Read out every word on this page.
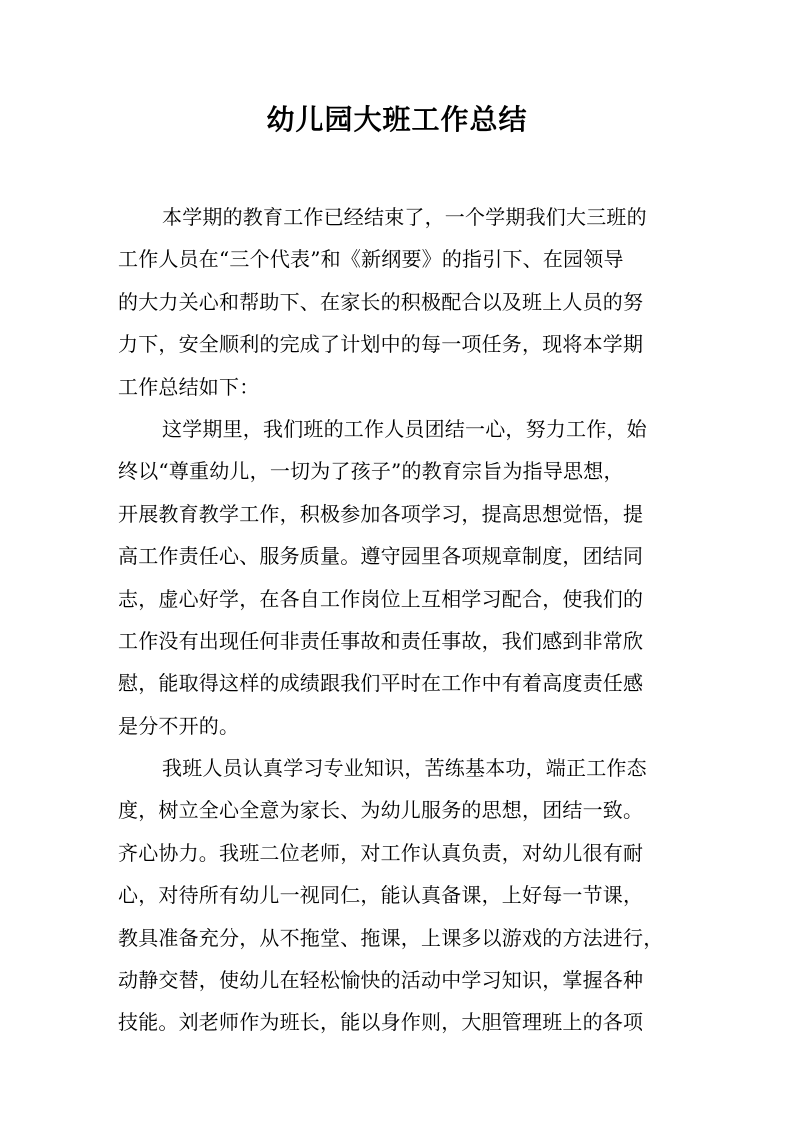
幼儿园大班工作总结
本学期的教育工作已经结束了，一个学期我们大三班的
工作人员在“三个代表”和《新纲要》的指引下、在园领导
的大力关心和帮助下、在家长的积极配合以及班上人员的努
力下，安全顺利的完成了计划中的每一项任务，现将本学期
工作总结如下：
这学期里，我们班的工作人员团结一心，努力工作，始
终以“尊重幼儿，一切为了孩子”的教育宗旨为指导思想，
开展教育教学工作，积极参加各项学习，提高思想觉悟，提
高工作责任心、服务质量。遵守园里各项规章制度，团结同
志，虚心好学，在各自工作岗位上互相学习配合，使我们的
工作没有出现任何非责任事故和责任事故，我们感到非常欣
慰，能取得这样的成绩跟我们平时在工作中有着高度责任感
是分不开的。
我班人员认真学习专业知识，苦练基本功，端正工作态
度，树立全心全意为家长、为幼儿服务的思想，团结一致。
齐心协力。我班二位老师，对工作认真负责，对幼儿很有耐
心，对待所有幼儿一视同仁，能认真备课，上好每一节课，
教具准备充分，从不拖堂、拖课，上课多以游戏的方法进行，
动静交替，使幼儿在轻松愉快的活动中学习知识，掌握各种
技能。刘老师作为班长，能以身作则，大胆管理班上的各项
